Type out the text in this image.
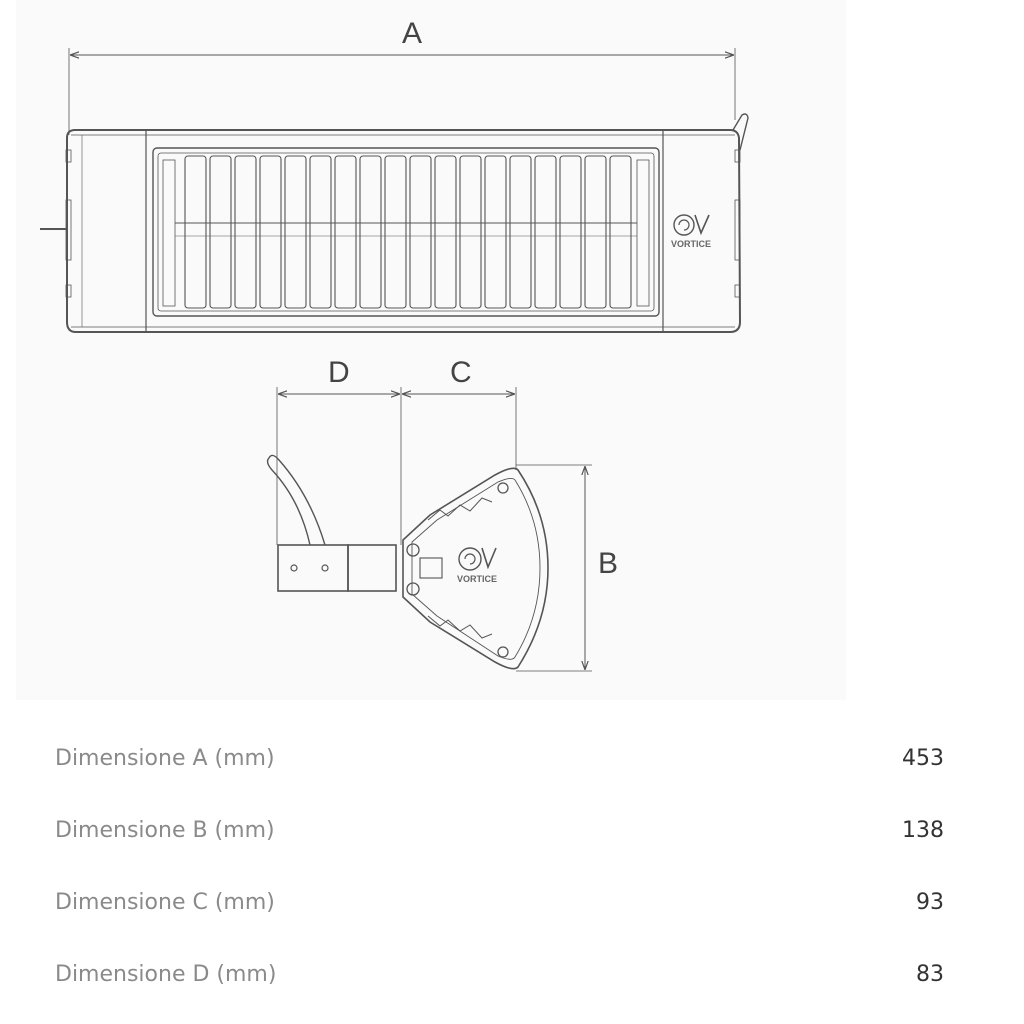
VORTICE
VORTICE
A
D	C
B
Dimensione A (mm)	453
Dimensione B (mm)	138
Dimensione C (mm)	93
Dimensione D (mm)	83
